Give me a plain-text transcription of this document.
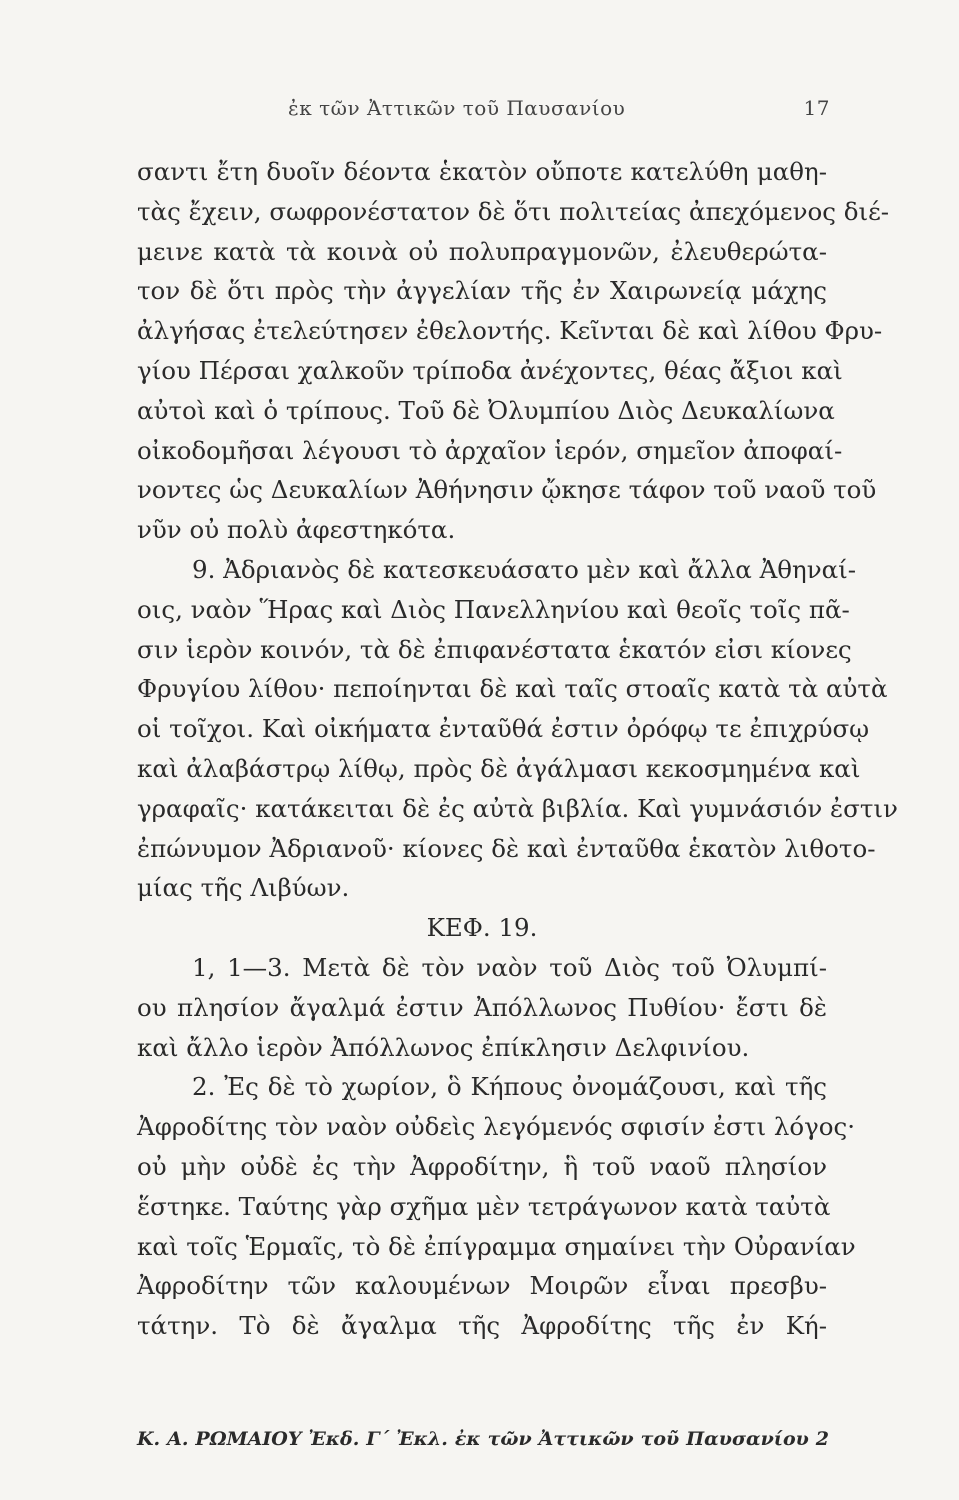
ἐκ τῶν Ἀττικῶν τοῦ Παυσανίου	17
σαντι ἔτη δυοῖν δέοντα ἑκατὸν οὔποτε κατελύθη μαθη-
τὰς ἔχειν, σωφρονέστατον δὲ ὅτι πολιτείας ἀπεχόμενος διέ-
μεινε κατὰ τὰ κοινὰ οὐ πολυπραγμονῶν, ἐλευθερώτα-
τον δὲ ὅτι πρὸς τὴν ἀγγελίαν τῆς ἐν Χαιρωνείᾳ μάχης
ἀλγήσας ἐτελεύτησεν ἐθελοντής. Κεῖνται δὲ καὶ λίθου Φρυ-
γίου Πέρσαι χαλκοῦν τρίποδα ἀνέχοντες, θέας ἄξιοι καὶ
αὐτοὶ καὶ ὁ τρίπους. Τοῦ δὲ Ὀλυμπίου Διὸς Δευκαλίωνα
οἰκοδομῆσαι λέγουσι τὸ ἀρχαῖον ἱερόν, σημεῖον ἀποφαί-
νοντες ὡς Δευκαλίων Ἀθήνησιν ᾤκησε τάφον τοῦ ναοῦ τοῦ
νῦν οὐ πολὺ ἀφεστηκότα.
9. Ἀδριανὸς δὲ κατεσκευάσατο μὲν καὶ ἄλλα Ἀθηναί-
οις, ναὸν Ἥρας καὶ Διὸς Πανελληνίου καὶ θεοῖς τοῖς πᾶ-
σιν ἱερὸν κοινόν, τὰ δὲ ἐπιφανέστατα ἑκατόν εἰσι κίονες
Φρυγίου λίθου· πεποίηνται δὲ καὶ ταῖς στοαῖς κατὰ τὰ αὐτὰ
οἱ τοῖχοι. Καὶ οἰκήματα ἐνταῦθά ἐστιν ὀρόφῳ τε ἐπιχρύσῳ
καὶ ἀλαβάστρῳ λίθῳ, πρὸς δὲ ἀγάλμασι κεκοσμημένα καὶ
γραφαῖς· κατάκειται δὲ ἐς αὐτὰ βιβλία. Καὶ γυμνάσιόν ἐστιν
ἐπώνυμον Ἀδριανοῦ· κίονες δὲ καὶ ἐνταῦθα ἑκατὸν λιθοτο-
μίας τῆς Λιβύων.
ΚΕΦ. 19.
1, 1—3. Μετὰ δὲ τὸν ναὸν τοῦ Διὸς τοῦ Ὀλυμπί-
ου πλησίον ἄγαλμά ἐστιν Ἀπόλλωνος Πυθίου· ἔστι δὲ
καὶ ἄλλο ἱερὸν Ἀπόλλωνος ἐπίκλησιν Δελφινίου.
2. Ἐς δὲ τὸ χωρίον, ὃ Κήπους ὀνομάζουσι, καὶ τῆς
Ἀφροδίτης τὸν ναὸν οὐδεὶς λεγόμενός σφισίν ἐστι λόγος·
οὐ μὴν οὐδὲ ἐς τὴν Ἀφροδίτην, ἣ τοῦ ναοῦ πλησίον
ἕστηκε. Ταύτης γὰρ σχῆμα μὲν τετράγωνον κατὰ ταὐτὰ
καὶ τοῖς Ἑρμαῖς, τὸ δὲ ἐπίγραμμα σημαίνει τὴν Οὐρανίαν
Ἀφροδίτην τῶν καλουμένων Μοιρῶν εἶναι πρεσβυ-
τάτην. Τὸ δὲ ἄγαλμα τῆς Ἀφροδίτης τῆς ἐν Κή-
Κ. Α. ΡΩΜΑΙΟΥ Ἐκδ. Γ΄ Ἐκλ. ἐκ τῶν Ἀττικῶν τοῦ Παυσανίου 2
